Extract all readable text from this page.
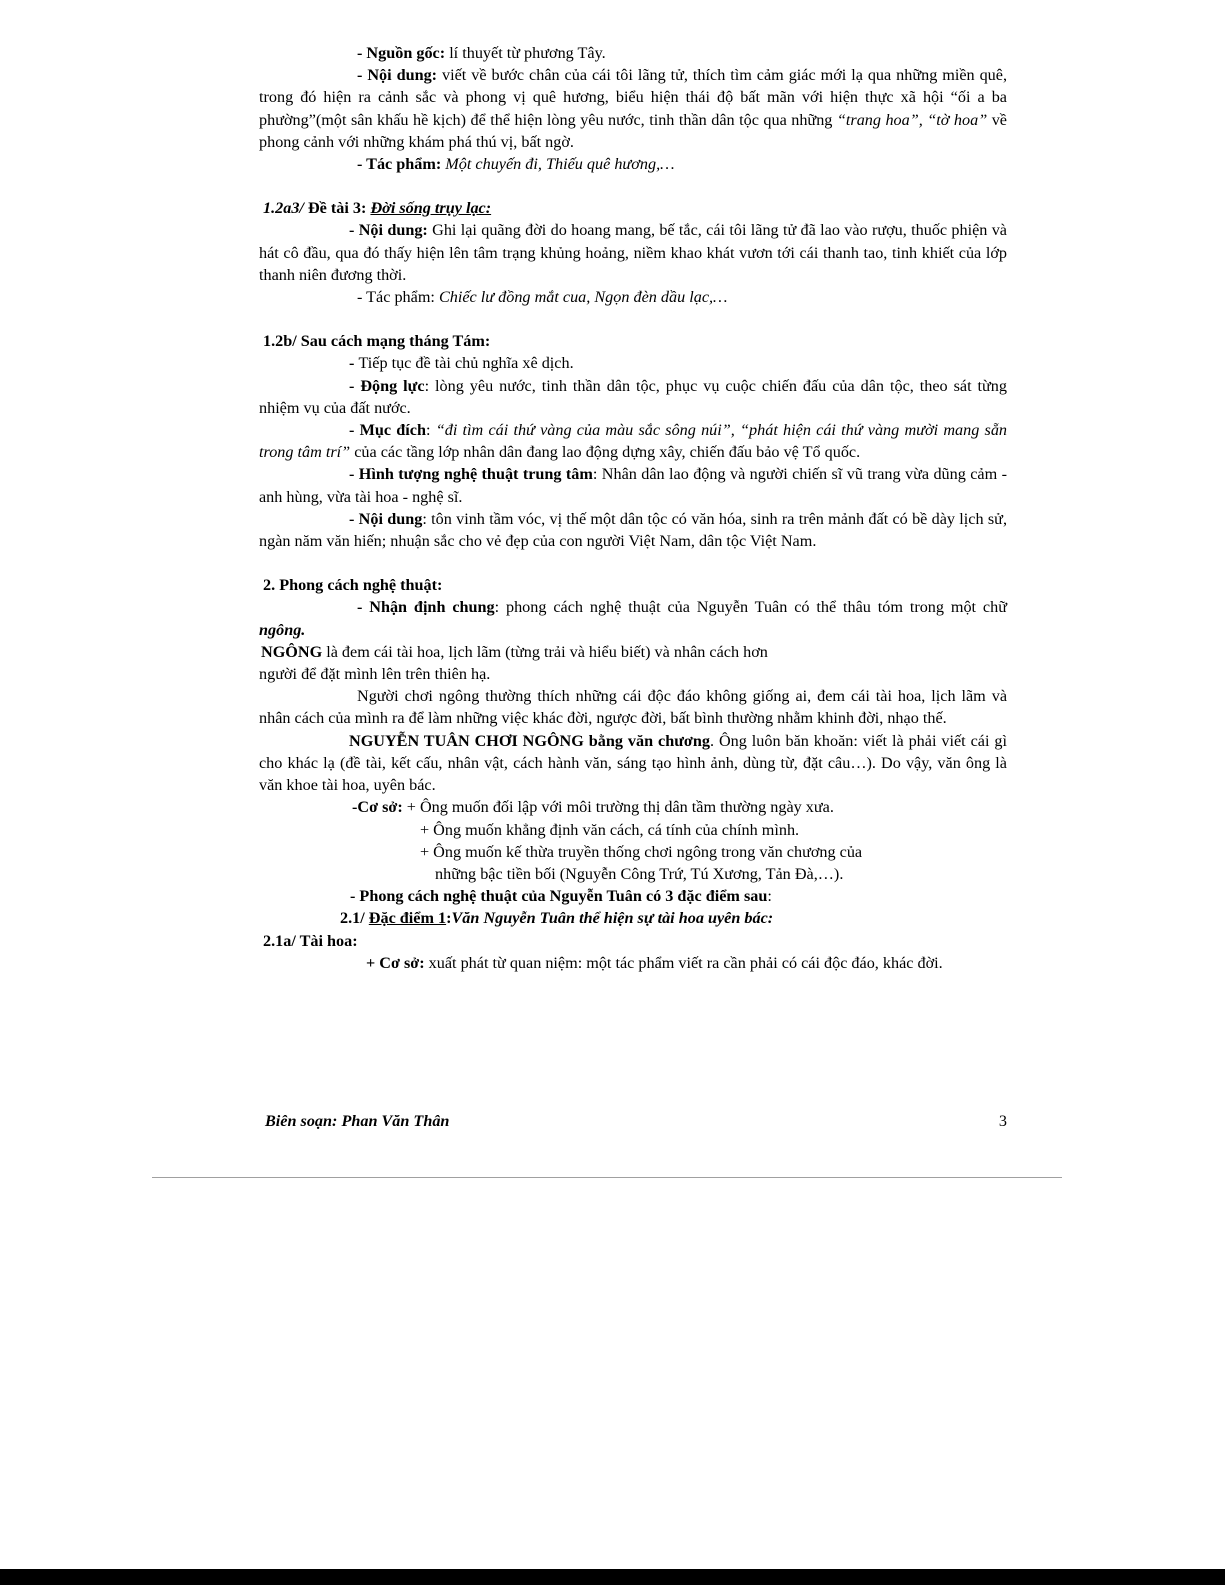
- Nguồn gốc: lí thuyết từ phương Tây.

- Nội dung: viết về bước chân của cái tôi lãng tử, thích tìm cảm giác mới lạ qua những miền quê, trong đó hiện ra cảnh sắc và phong vị quê hương, biểu hiện thái độ bất mãn với hiện thực xã hội “ối a ba phường”(một sân khấu hề kịch) để thể hiện lòng yêu nước, tinh thần dân tộc qua những “trang hoa”, “tờ hoa” về phong cảnh với những khám phá thú vị, bất ngờ.

- Tác phẩm: Một chuyến đi, Thiếu quê hương,…

1.2a3/ Đề tài 3: Đời sống trụy lạc:

- Nội dung: Ghi lại quãng đời do hoang mang, bế tắc, cái tôi lãng tử đã lao vào rượu, thuốc phiện và hát cô đầu, qua đó thấy hiện lên tâm trạng khủng hoảng, niềm khao khát vươn tới cái thanh tao, tinh khiết của lớp thanh niên đương thời.

- Tác phẩm: Chiếc lư đồng mắt cua, Ngọn đèn dầu lạc,…

1.2b/ Sau cách mạng tháng Tám:

- Tiếp tục đề tài chủ nghĩa xê dịch.

- Động lực: lòng yêu nước, tinh thần dân tộc, phục vụ cuộc chiến đấu của dân tộc, theo sát từng nhiệm vụ của đất nước.

- Mục đích: “đi tìm cái thứ vàng của màu sắc sông núi”, “phát hiện cái thứ vàng mười mang sẵn trong tâm trí” của các tầng lớp nhân dân đang lao động dựng xây, chiến đấu bảo vệ Tổ quốc.

- Hình tượng nghệ thuật trung tâm: Nhân dân lao động và người chiến sĩ vũ trang vừa dũng cảm - anh hùng, vừa tài hoa - nghệ sĩ.

- Nội dung: tôn vinh tầm vóc, vị thế một dân tộc có văn hóa, sinh ra trên mảnh đất có bề dày lịch sử, ngàn năm văn hiến; nhuận sắc cho vẻ đẹp của con người Việt Nam, dân tộc Việt Nam.

2. Phong cách nghệ thuật:

- Nhận định chung: phong cách nghệ thuật của Nguyễn Tuân có thể thâu tóm trong một chữ ngông.

NGÔNG là đem cái tài hoa, lịch lãm (từng trải và hiểu biết) và nhân cách hơn

người để đặt mình lên trên thiên hạ.

Người chơi ngông thường thích những cái độc đáo không giống ai, đem cái tài hoa, lịch lãm và nhân cách của mình ra để làm những việc khác đời, ngược đời, bất bình thường nhằm khinh đời, nhạo thế.

NGUYỄN TUÂN CHƠI NGÔNG bằng văn chương. Ông luôn băn khoăn: viết là phải viết cái gì cho khác lạ (đề tài, kết cấu, nhân vật, cách hành văn, sáng tạo hình ảnh, dùng từ, đặt câu…). Do vậy, văn ông là văn khoe tài hoa, uyên bác.

-Cơ sở: + Ông muốn đối lập với môi trường thị dân tầm thường ngày xưa.

+ Ông muốn khẳng định văn cách, cá tính của chính mình.

+ Ông muốn kế thừa truyền thống chơi ngông trong văn chương của

những bậc tiền bối (Nguyễn Công Trứ, Tú Xương, Tản Đà,…).

- Phong cách nghệ thuật của Nguyễn Tuân có 3 đặc điểm sau:

2.1/ Đặc điểm 1:Văn Nguyễn Tuân thể hiện sự tài hoa uyên bác:

2.1a/ Tài hoa:

+ Cơ sở: xuất phát từ quan niệm: một tác phẩm viết ra cần phải có cái độc đáo, khác đời.

Biên soạn: Phan Văn Thân	3
